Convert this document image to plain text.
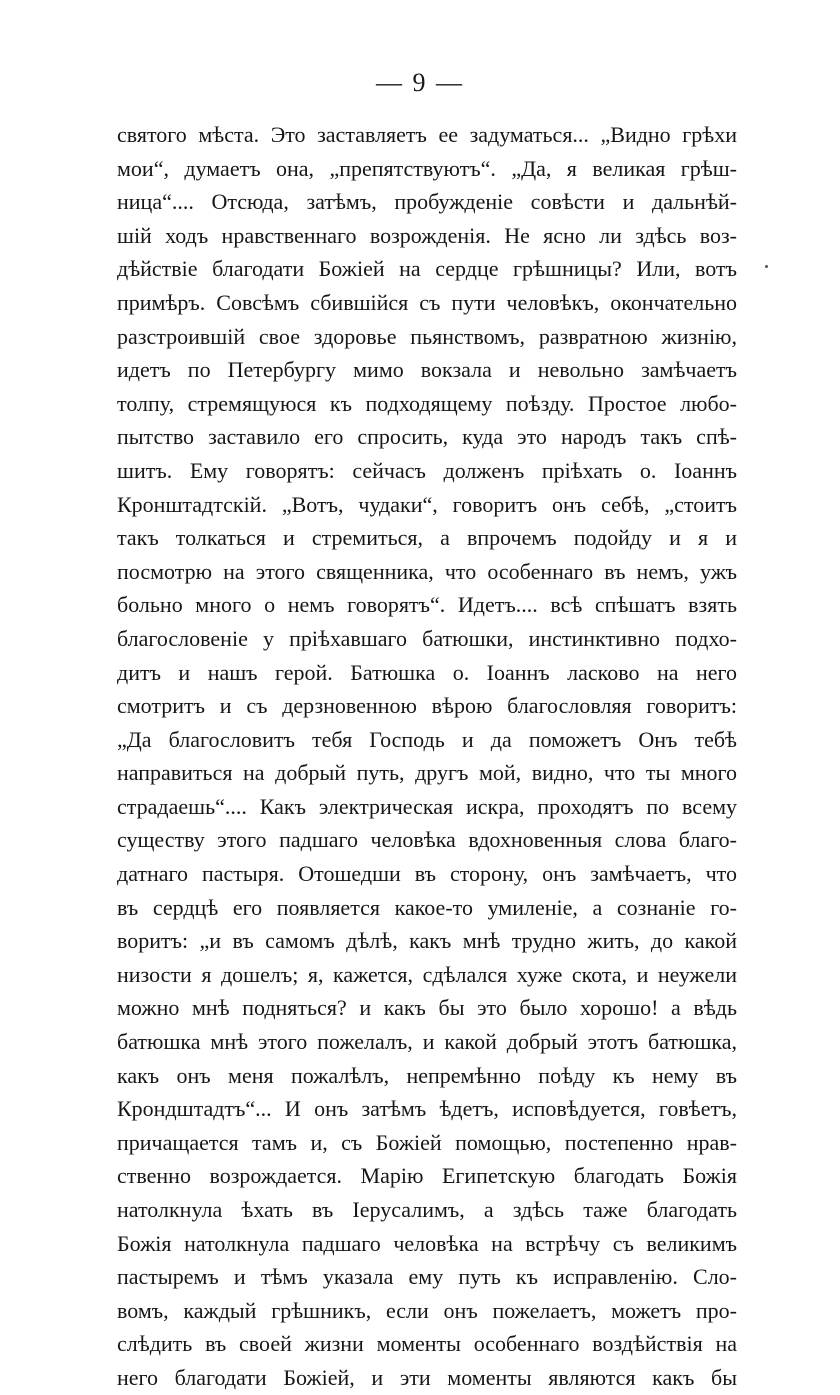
— 9 —
святого мѣста. Это заставляетъ ее задуматься... „Видно грѣхи
мои“, думаетъ она, „препятствуютъ“. „Да, я великая грѣш-
ница“.... Отсюда, затѣмъ, пробужденіе совѣсти и дальнѣй-
шій ходъ нравственнаго возрожденія. Не ясно ли здѣсь воз-
дѣйствіе благодати Божіей на сердце грѣшницы? Или, вотъ
примѣръ. Совсѣмъ сбившійся съ пути человѣкъ, окончательно
разстроившій свое здоровье пьянствомъ, развратною жизнію,
идетъ по Петербургу мимо вокзала и невольно замѣчаетъ
толпу, стремящуюся къ подходящему поѣзду. Простое любо-
пытство заставило его спросить, куда это народъ такъ спѣ-
шитъ. Ему говорятъ: сейчасъ долженъ пріѣхать о. Іоаннъ
Кронштадтскій. „Вотъ, чудаки“, говоритъ онъ себѣ, „стоитъ
такъ толкаться и стремиться, а впрочемъ подойду и я и
посмотрю на этого священника, что особеннаго въ немъ, ужъ
больно много о немъ говорятъ“. Идетъ.... всѣ спѣшатъ взять
благословеніе у пріѣхавшаго батюшки, инстинктивно подхо-
дитъ и нашъ герой. Батюшка о. Іоаннъ ласково на него
смотритъ и съ дерзновенною вѣрою благословляя говоритъ:
„Да благословитъ тебя Господь и да поможетъ Онъ тебѣ
направиться на добрый путь, другъ мой, видно, что ты много
страдаешь“.... Какъ электрическая искра, проходятъ по всему
существу этого падшаго человѣка вдохновенныя слова благо-
датнаго пастыря. Отошедши въ сторону, онъ замѣчаетъ, что
въ сердцѣ его появляется какое-то умиленіе, а сознаніе го-
воритъ: „и въ самомъ дѣлѣ, какъ мнѣ трудно жить, до какой
низости я дошелъ; я, кажется, сдѣлался хуже скота, и неужели
можно мнѣ подняться? и какъ бы это было хорошо! а вѣдь
батюшка мнѣ этого пожелалъ, и какой добрый этотъ батюшка,
какъ онъ меня пожалѣлъ, непремѣнно поѣду къ нему въ
Крондштадтъ“... И онъ затѣмъ ѣдетъ, исповѣдуется, говѣетъ,
причащается тамъ и, съ Божіей помощью, постепенно нрав-
ственно возрождается. Марію Египетскую благодать Божія
натолкнула ѣхать въ Іерусалимъ, а здѣсь таже благодать
Божія натолкнула падшаго человѣка на встрѣчу съ великимъ
пастыремъ и тѣмъ указала ему путь къ исправленію. Сло-
вомъ, каждый грѣшникъ, если онъ пожелаетъ, можетъ про-
слѣдить въ своей жизни моменты особеннаго воздѣйствія на
него благодати Божіей, и эти моменты являются какъ бы
